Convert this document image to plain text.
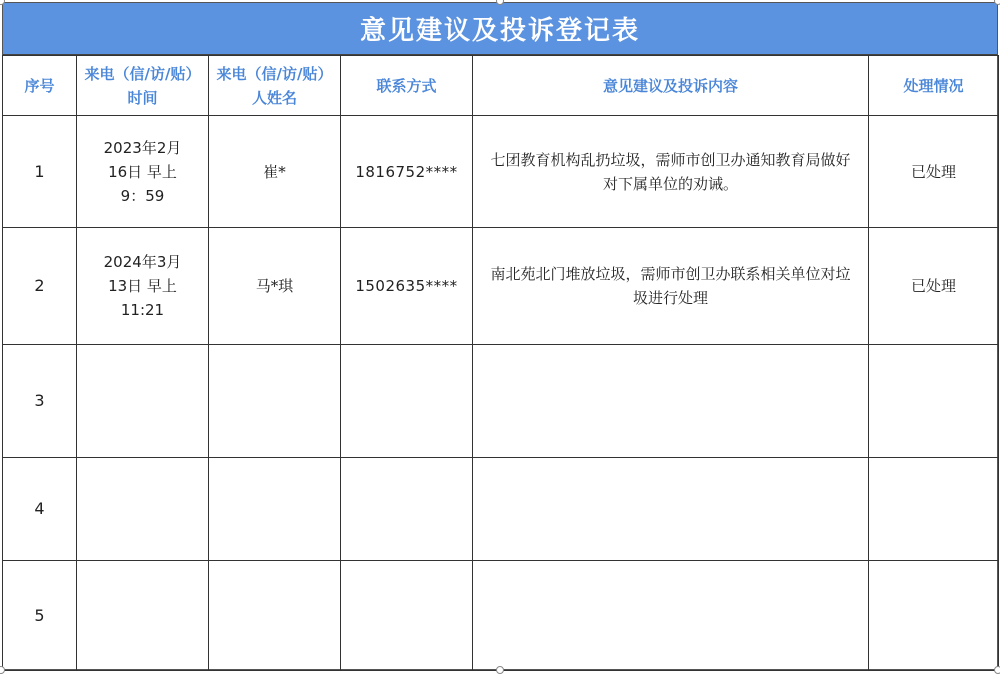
意见建议及投诉登记表
序号	来电（信/访/贴）时间	来电（信/访/贴）人姓名	联系方式	意见建议及投诉内容	处理情况
1	2023年2月16日 早上9：59	崔*	1816752****	七团教育机构乱扔垃圾，需师市创卫办通知教育局做好对下属单位的劝诫。	已处理
2	2024年3月13日 早上11:21	马*琪	1502635****	南北苑北门堆放垃圾，需师市创卫办联系相关单位对垃圾进行处理	已处理
3					
4					
5					
